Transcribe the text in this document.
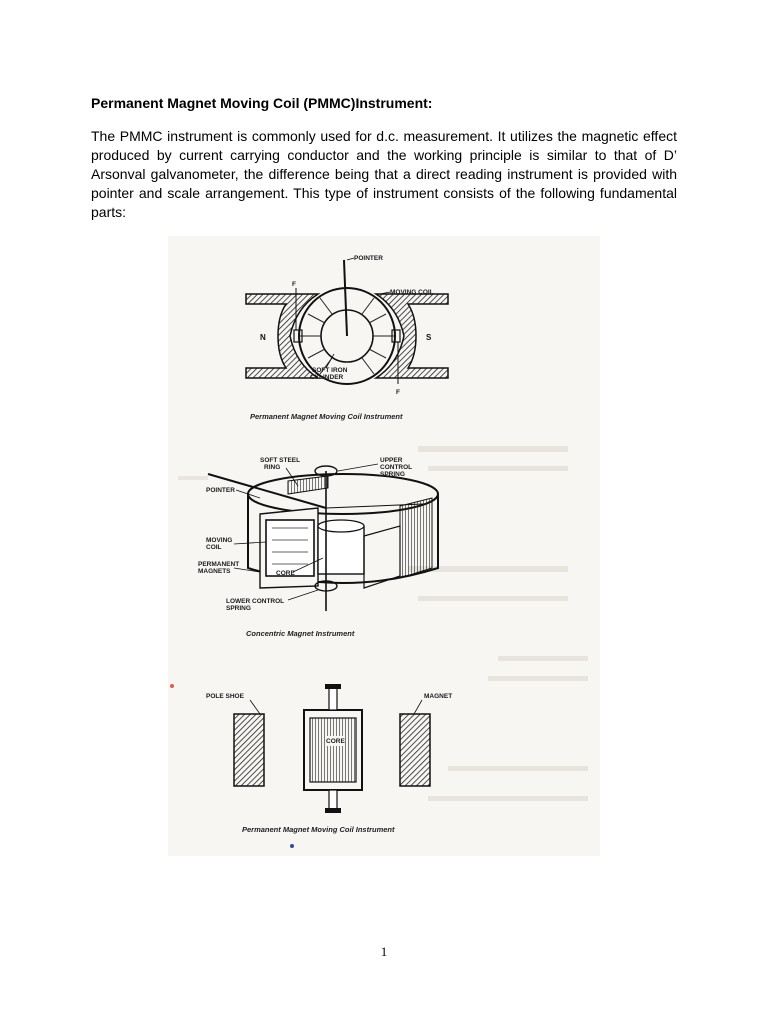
Permanent Magnet Moving Coil (PMMC)Instrument:

The PMMC instrument is commonly used for d.c. measurement. It utilizes the magnetic effect produced by current carrying conductor and the working principle is similar to that of D’ Arsonval galvanometer, the difference being that a direct reading instrument is provided with pointer and scale arrangement. This type of instrument consists of the following fundamental parts:

POINTER
MOVING COIL
N	S
SOFT IRON
CYLINDER
F
F
Permanent Magnet Moving Coil Instrument
SOFT STEEL
RING
UPPER
CONTROL
SPRING
POINTER
MOVING
COIL
PERMANENT
MAGNETS	CORE
LOWER CONTROL
SPRING
Concentric Magnet Instrument
POLE SHOE	MAGNET
CORE
Permanent Magnet Moving Coil Instrument
1
